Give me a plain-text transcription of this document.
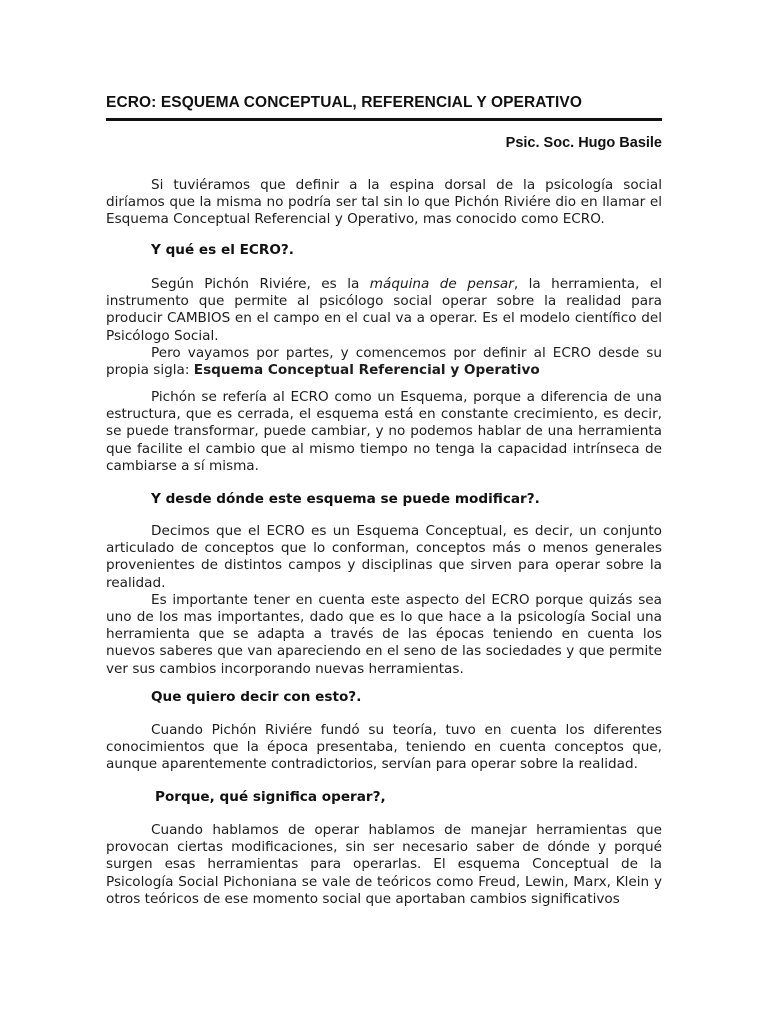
ECRO: ESQUEMA CONCEPTUAL, REFERENCIAL Y OPERATIVO
Psic. Soc. Hugo Basile

Si tuviéramos que definir a la espina dorsal de la psicología social diríamos que la misma no podría ser tal sin lo que Pichón Riviére dio en llamar el Esquema Conceptual Referencial y Operativo, mas conocido como ECRO.

Y qué es el ECRO?.

Según Pichón Riviére, es la máquina de pensar, la herramienta, el instrumento que permite al psicólogo social operar sobre la realidad para producir CAMBIOS en el campo en el cual va a operar. Es el modelo científico del Psicólogo Social.

Pero vayamos por partes, y comencemos por definir al ECRO desde su propia sigla: Esquema Conceptual Referencial y Operativo

Pichón se refería al ECRO como un Esquema, porque a diferencia de una estructura, que es cerrada, el esquema está en constante crecimiento, es decir, se puede transformar, puede cambiar, y no podemos hablar de una herramienta que facilite el cambio que al mismo tiempo no tenga la capacidad intrínseca de cambiarse a sí misma.

Y desde dónde este esquema se puede modificar?.

Decimos que el ECRO es un Esquema Conceptual, es decir, un conjunto articulado de conceptos que lo conforman, conceptos más o menos generales provenientes de distintos campos y disciplinas que sirven para operar sobre la realidad.

Es importante tener en cuenta este aspecto del ECRO porque quizás sea uno de los mas importantes, dado que es lo que hace a la psicología Social una herramienta que se adapta a través de las épocas teniendo en cuenta los nuevos saberes que van apareciendo en el seno de las sociedades y que permite ver sus cambios incorporando nuevas herramientas.

Que quiero decir con esto?.

Cuando Pichón Riviére fundó su teoría, tuvo en cuenta los diferentes conocimientos que la época presentaba, teniendo en cuenta conceptos que, aunque aparentemente contradictorios, servían para operar sobre la realidad.

Porque, qué significa operar?,

Cuando hablamos de operar hablamos de manejar herramientas que provocan ciertas modificaciones, sin ser necesario saber de dónde y porqué surgen esas herramientas para operarlas. El esquema Conceptual de la Psicología Social Pichoniana se vale de teóricos como Freud, Lewin, Marx, Klein y otros teóricos de ese momento social que aportaban cambios significativos
